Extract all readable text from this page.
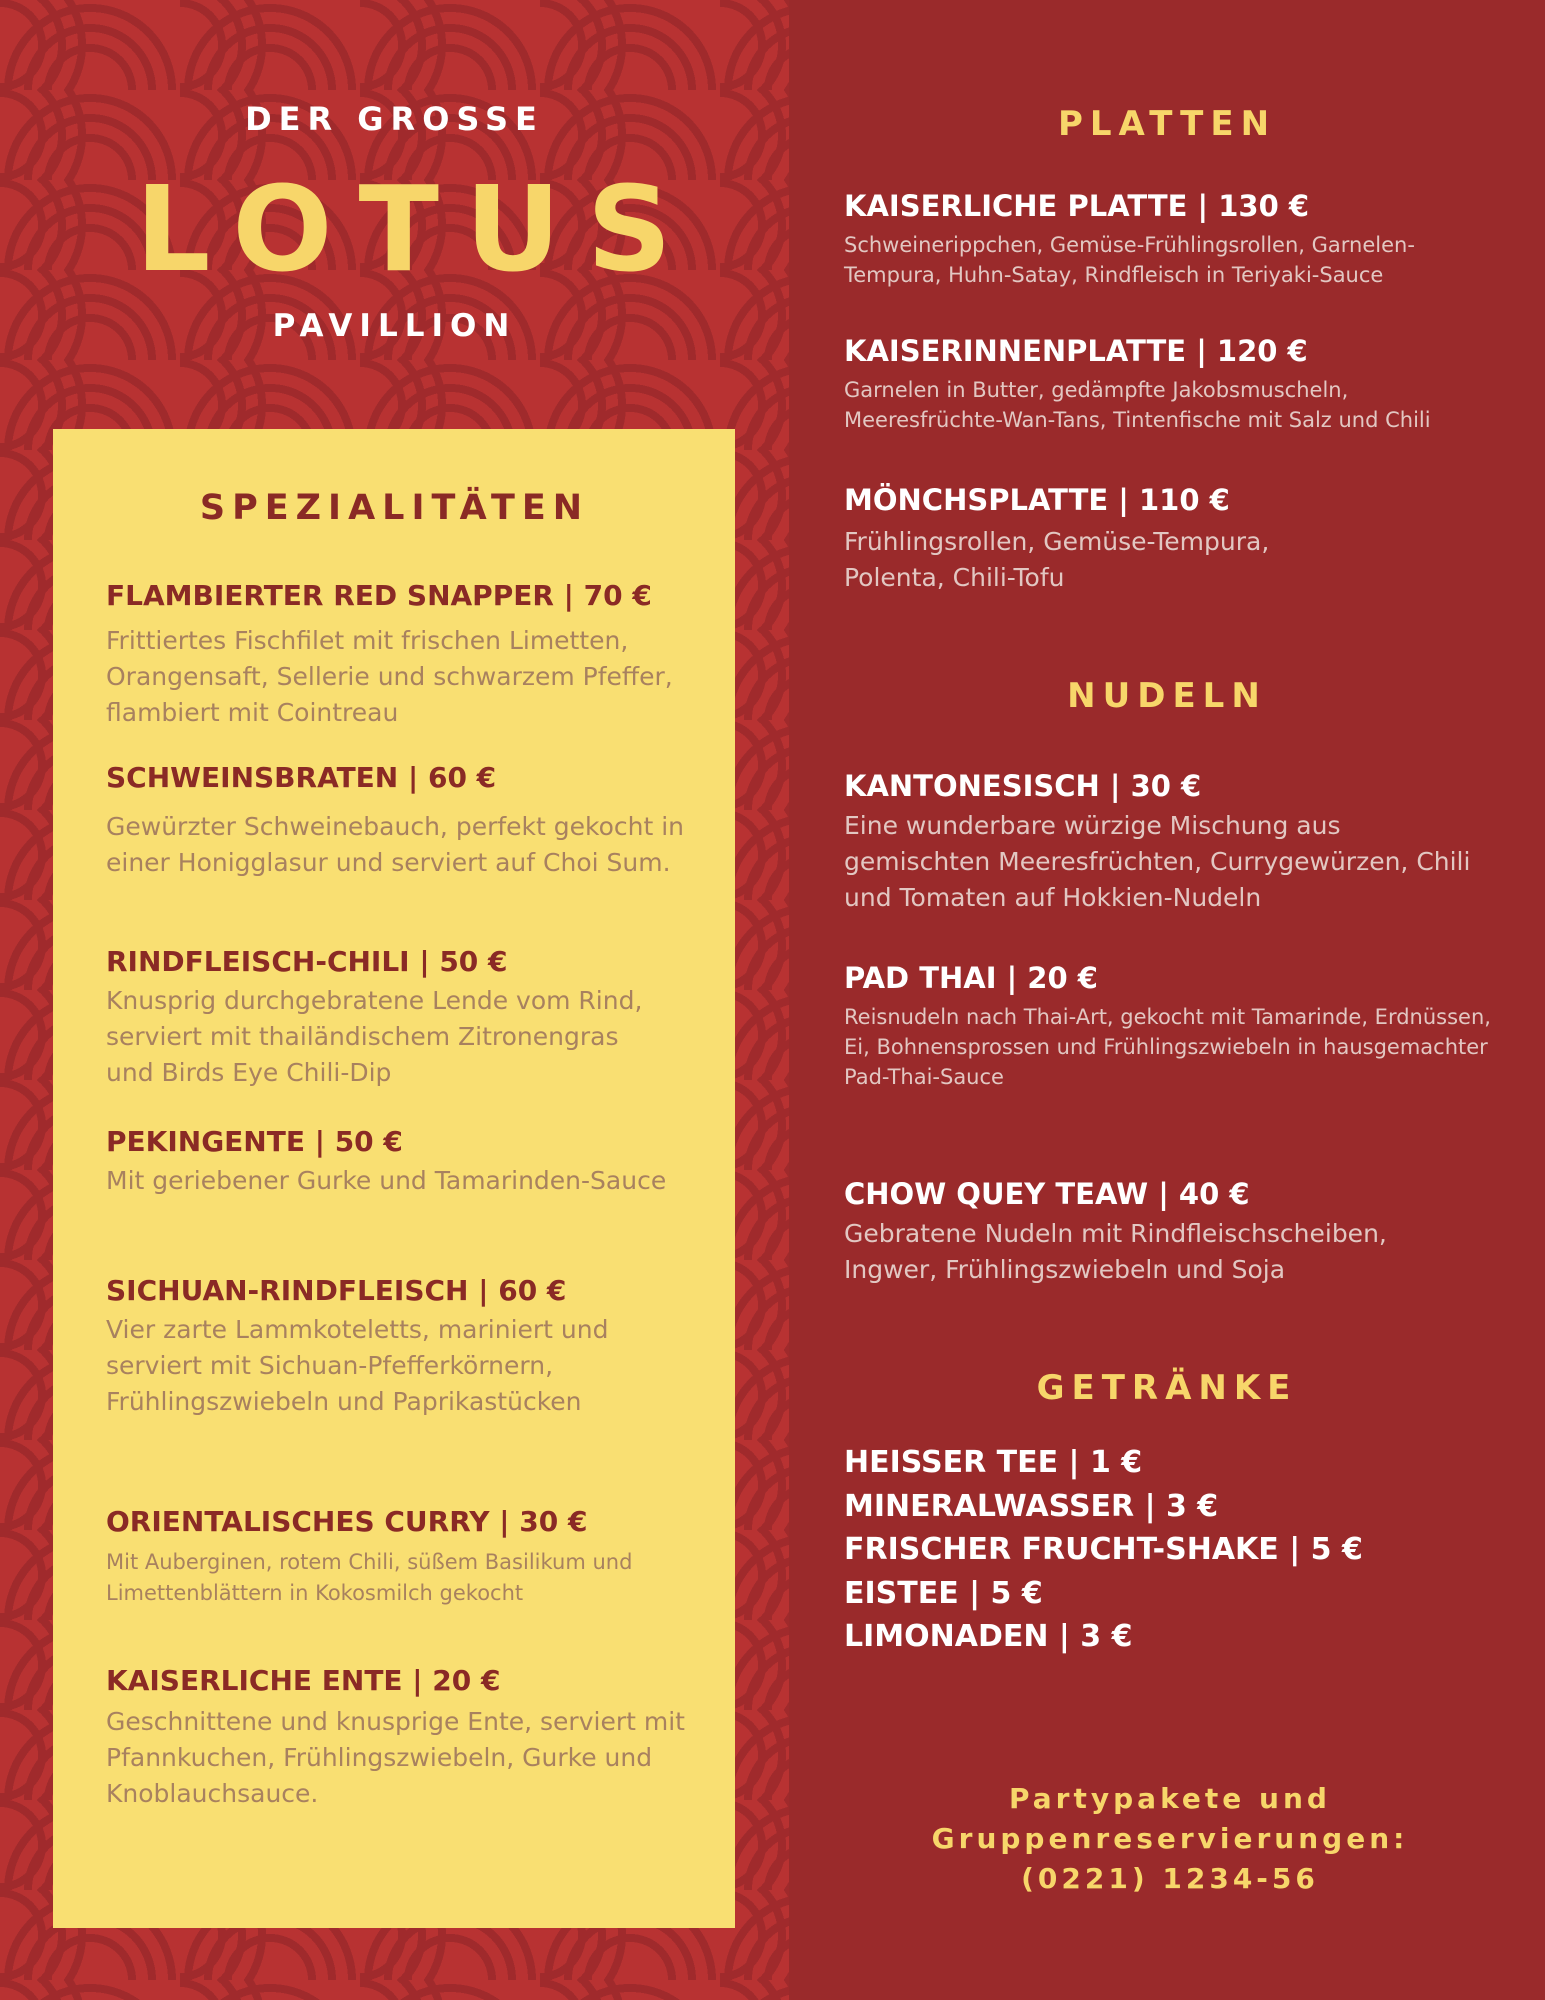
DER GROSSE
LOTUS
PAVILLION
SPEZIALITÄTEN
FLAMBIERTER RED SNAPPER | 70 €
Frittiertes Fischfilet mit frischen Limetten, Orangensaft, Sellerie und schwarzem Pfeffer, flambiert mit Cointreau
SCHWEINSBRATEN | 60 €
Gewürzter Schweinebauch, perfekt gekocht in einer Honigglasur und serviert auf Choi Sum.
RINDFLEISCH-CHILI | 50 €
Knusprig durchgebratene Lende vom Rind, serviert mit thailändischem Zitronengras und Birds Eye Chili-Dip
PEKINGENTE | 50 €
Mit geriebener Gurke und Tamarinden-Sauce
SICHUAN-RINDFLEISCH | 60 €
Vier zarte Lammkoteletts, mariniert und serviert mit Sichuan-Pfefferkörnern, Frühlingszwiebeln und Paprikastücken
ORIENTALISCHES CURRY | 30 €
Mit Auberginen, rotem Chili, süßem Basilikum und Limettenblättern in Kokosmilch gekocht
KAISERLICHE ENTE | 20 €
Geschnittene und knusprige Ente, serviert mit Pfannkuchen, Frühlingszwiebeln, Gurke und Knoblauchsauce.
PLATTEN
KAISERLICHE PLATTE | 130 €
Schweinerippchen, Gemüse-Frühlingsrollen, Garnelen-Tempura, Huhn-Satay, Rindfleisch in Teriyaki-Sauce
KAISERINNENPLATTE | 120 €
Garnelen in Butter, gedämpfte Jakobsmuscheln, Meeresfrüchte-Wan-Tans, Tintenfische mit Salz und Chili
MÖNCHSPLATTE | 110 €
Frühlingsrollen, Gemüse-Tempura, Polenta, Chili-Tofu
NUDELN
KANTONESISCH | 30 €
Eine wunderbare würzige Mischung aus gemischten Meeresfrüchten, Currygewürzen, Chili und Tomaten auf Hokkien-Nudeln
PAD THAI | 20 €
Reisnudeln nach Thai-Art, gekocht mit Tamarinde, Erdnüssen, Ei, Bohnensprossen und Frühlingszwiebeln in hausgemachter Pad-Thai-Sauce
CHOW QUEY TEAW | 40 €
Gebratene Nudeln mit Rindfleischscheiben, Ingwer, Frühlingszwiebeln und Soja
GETRÄNKE
HEISSER TEE | 1 €
MINERALWASSER | 3 €
FRISCHER FRUCHT-SHAKE | 5 €
EISTEE | 5 €
LIMONADEN | 3 €
Partypakete und
Gruppenreservierungen:
(0221) 1234-56
